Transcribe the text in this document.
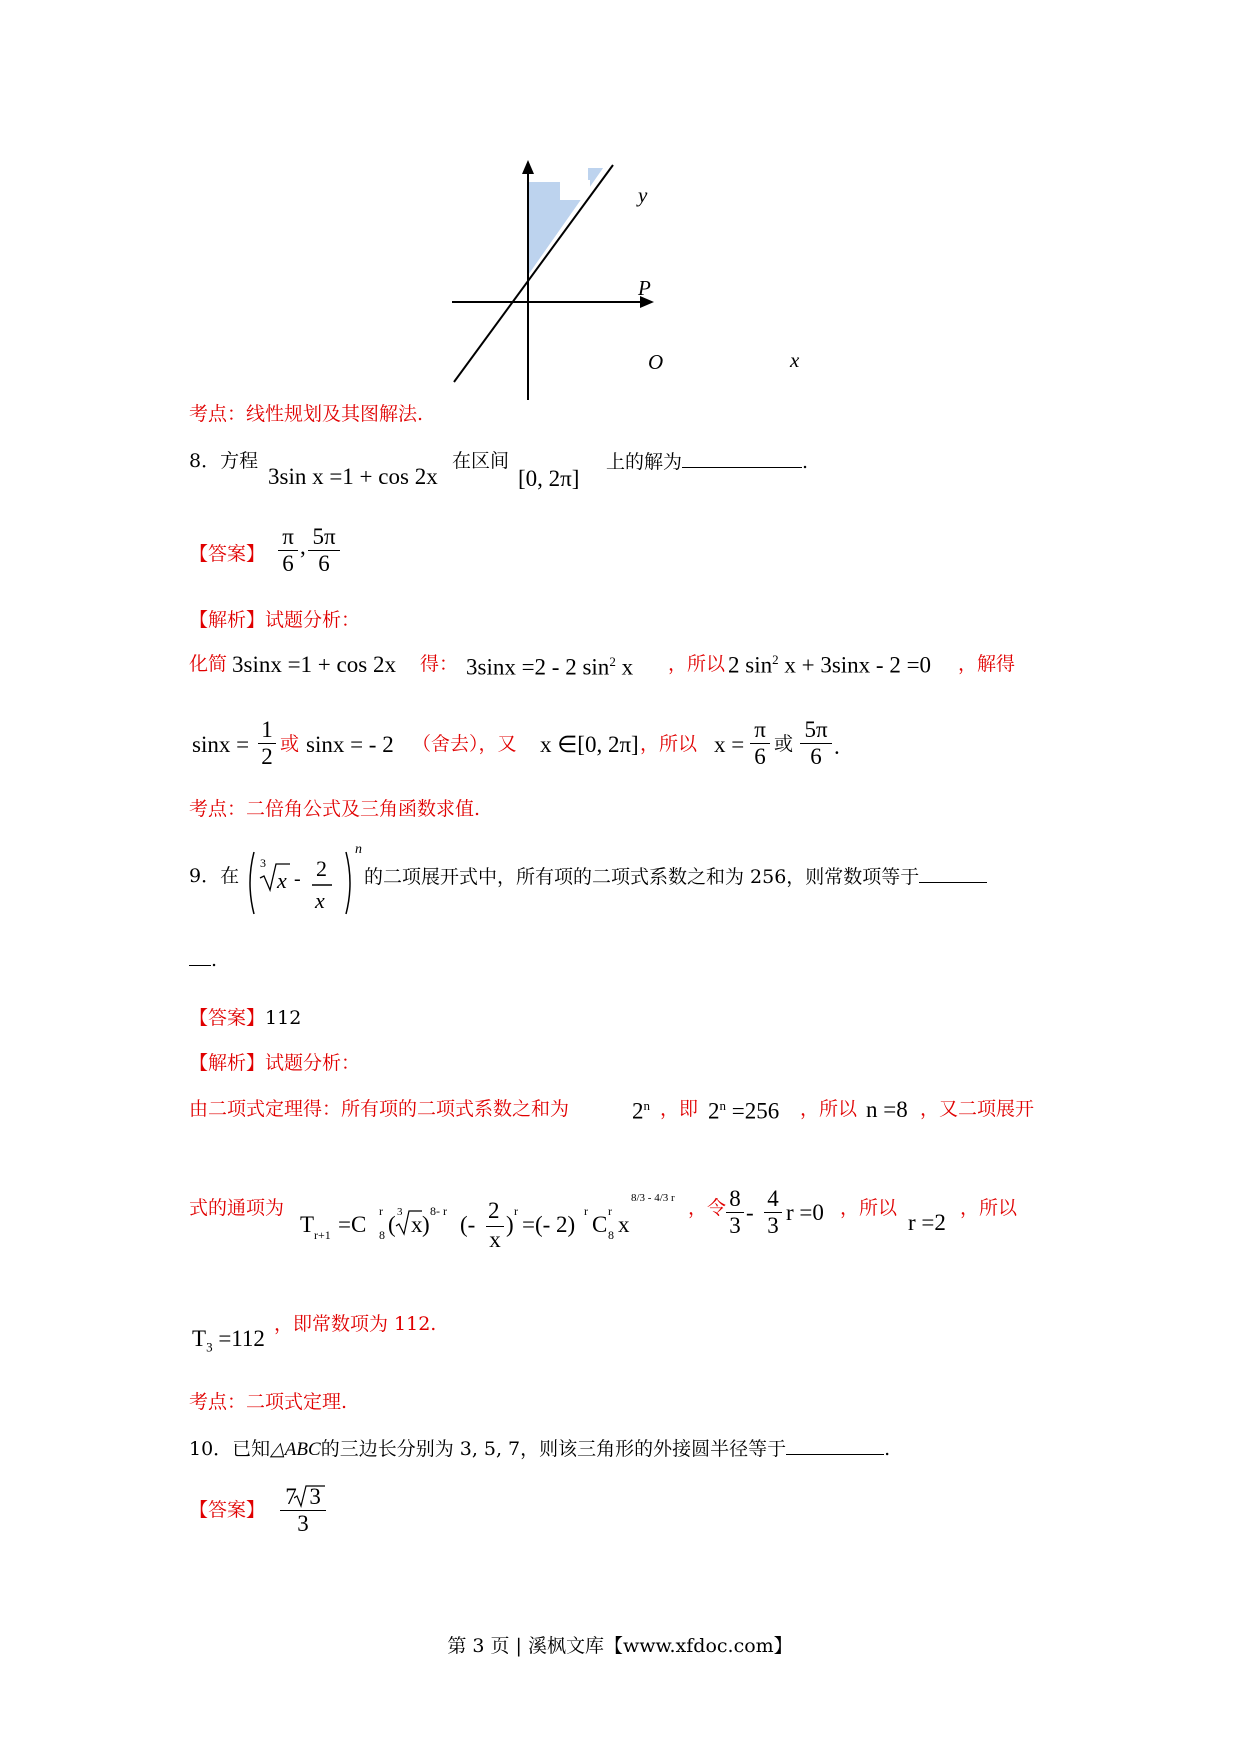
y
P
O	x
考点：线性规划及其图解法.
8．方程
3sin x =1 + cos 2x
在区间
[0, 2π]
上的解为	.
【答案】 $\frac{\pi}{6}$ , $\frac{5\pi}{6}$
【解析】试题分析：
化简 3sinx =1 + cos 2x 得： 3sinx =2 - 2 $\sin^2 x$ ，所以 2 $\sin^2 x + 3\sin x - 2 =0$ ，解得
$\sin x = \frac{1}{2}$ 或 sinx = - 2 （舍去），又 x ∈[0, 2π] ，所以 $x = \frac{\pi}{6}$ 或 $\frac{5\pi}{6}$ .
考点：二倍角公式及三角函数求值.
9．在
3
x - 2
x
n
的二项展开式中，所有项的二项式系数之和为 256，则常数项等于
.
【答案】112
【解析】试题分析：
由二项式定理得：所有项的二项式系数之和为	2$^n$ ，即 $2^n =256$ ，所以 n =8 ，又二项展开
式的通项为
T r+1 =C
r
8 ( 3 x )
8- r
(-
2
x
)
r
=(- 2)
r
C
r
8 x
8/3 - 4/3 r ，令 $\frac{8}{3} - \frac{4}{3}$ r =0 ，所以
r =2
，所以
$T_3 =112$
，即常数项为 112.
考点：二项式定理.
10．已知△ABC的三边长分别为 3, 5, 7，则该三角形的外接圆半径等于	.
【答案】 $\frac{7 3}{3}$
第 3 页 | 溪枫文库【www.xfdoc.com】
